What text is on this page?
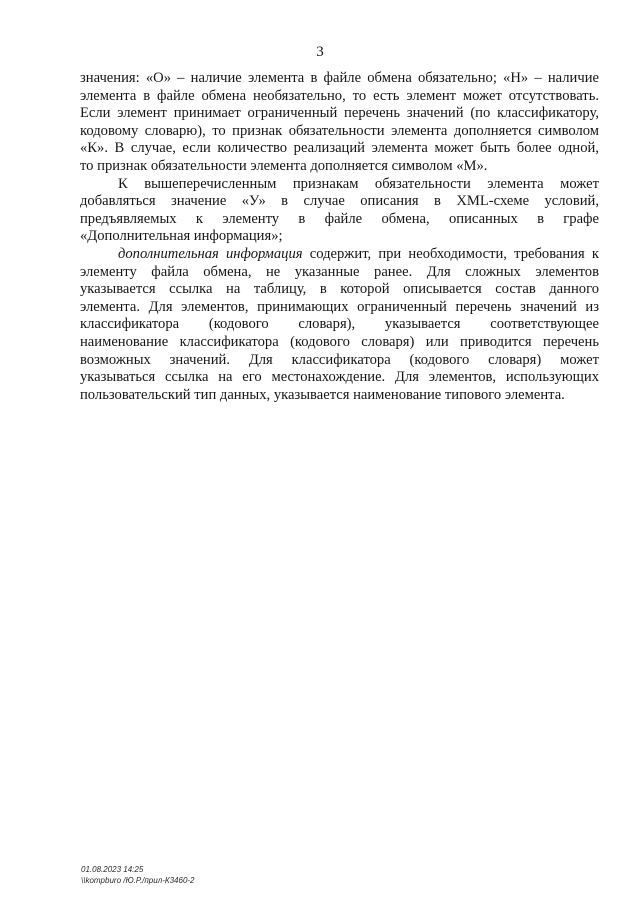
3

значения: «О» – наличие элемента в файле обмена обязательно; «Н» – наличие
элемента в файле обмена необязательно, то есть элемент может отсутствовать.
Если элемент принимает ограниченный перечень значений (по классификатору,
кодовому словарю), то признак обязательности элемента дополняется символом
«К». В случае, если количество реализаций элемента может быть более одной,
то признак обязательности элемента дополняется символом «М».

К вышеперечисленным признакам обязательности элемента может
добавляться значение «У» в случае описания в XML-схеме условий,
предъявляемых к элементу в файле обмена, описанных в графе
«Дополнительная информация»;

дополнительная информация содержит, при необходимости, требования к
элементу файла обмена, не указанные ранее. Для сложных элементов
указывается ссылка на таблицу, в которой описывается состав данного
элемента. Для элементов, принимающих ограниченный перечень значений из
классификатора (кодового словаря), указывается соответствующее
наименование классификатора (кодового словаря) или приводится перечень
возможных значений. Для классификатора (кодового словаря) может
указываться ссылка на его местонахождение. Для элементов, использующих
пользовательский тип данных, указывается наименование типового элемента.

01.08.2023 14:25
\\kompburo /Ю.Р./прил-К3460-2
